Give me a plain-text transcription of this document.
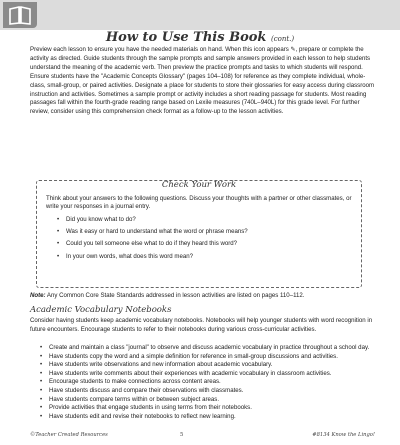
How to Use This Book (cont.)

Preview each lesson to ensure you have the needed materials on hand. When this icon appears ✎, prepare or complete the activity as directed. Guide students through the sample prompts and sample answers provided in each lesson to help students understand the meaning of the academic verb. Then preview the practice prompts and tasks to which students will respond. Ensure students have the "Academic Concepts Glossary" (pages 104–108) for reference as they complete individual, whole-class, small-group, or paired activities. Designate a place for students to store their glossaries for easy access during classroom instruction and activities. Sometimes a sample prompt or activity includes a short reading passage for students. Most reading passages fall within the fourth-grade reading range based on Lexile measures (740L–940L) for this grade level. For further review, consider using this comprehension check format as a follow-up to the lesson activities.

Check Your Work

Think about your answers to the following questions. Discuss your thoughts with a partner or other classmates, or write your responses in a journal entry.

• Did you know what to do?
• Was it easy or hard to understand what the word or phrase means?
• Could you tell someone else what to do if they heard this word?
• In your own words, what does this word mean?

Note: Any Common Core State Standards addressed in lesson activities are listed on pages 110–112.

Academic Vocabulary Notebooks

Consider having students keep academic vocabulary notebooks. Notebooks will help younger students with word recognition in future encounters. Encourage students to refer to their notebooks during various cross-curricular activities.

• Create and maintain a class "journal" to observe and discuss academic vocabulary in practice throughout a school day.
• Have students copy the word and a simple definition for reference in small-group discussions and activities.
• Have students write observations and new information about academic vocabulary.
• Have students write comments about their experiences with academic vocabulary in classroom activities.
• Encourage students to make connections across content areas.
• Have students discuss and compare their observations with classmates.
• Have students compare terms within or between subject areas.
• Provide activities that engage students in using terms from their notebooks.
• Have students edit and revise their notebooks to reflect new learning.
©Teacher Created Resources	5	#8134 Know the Lingo!
